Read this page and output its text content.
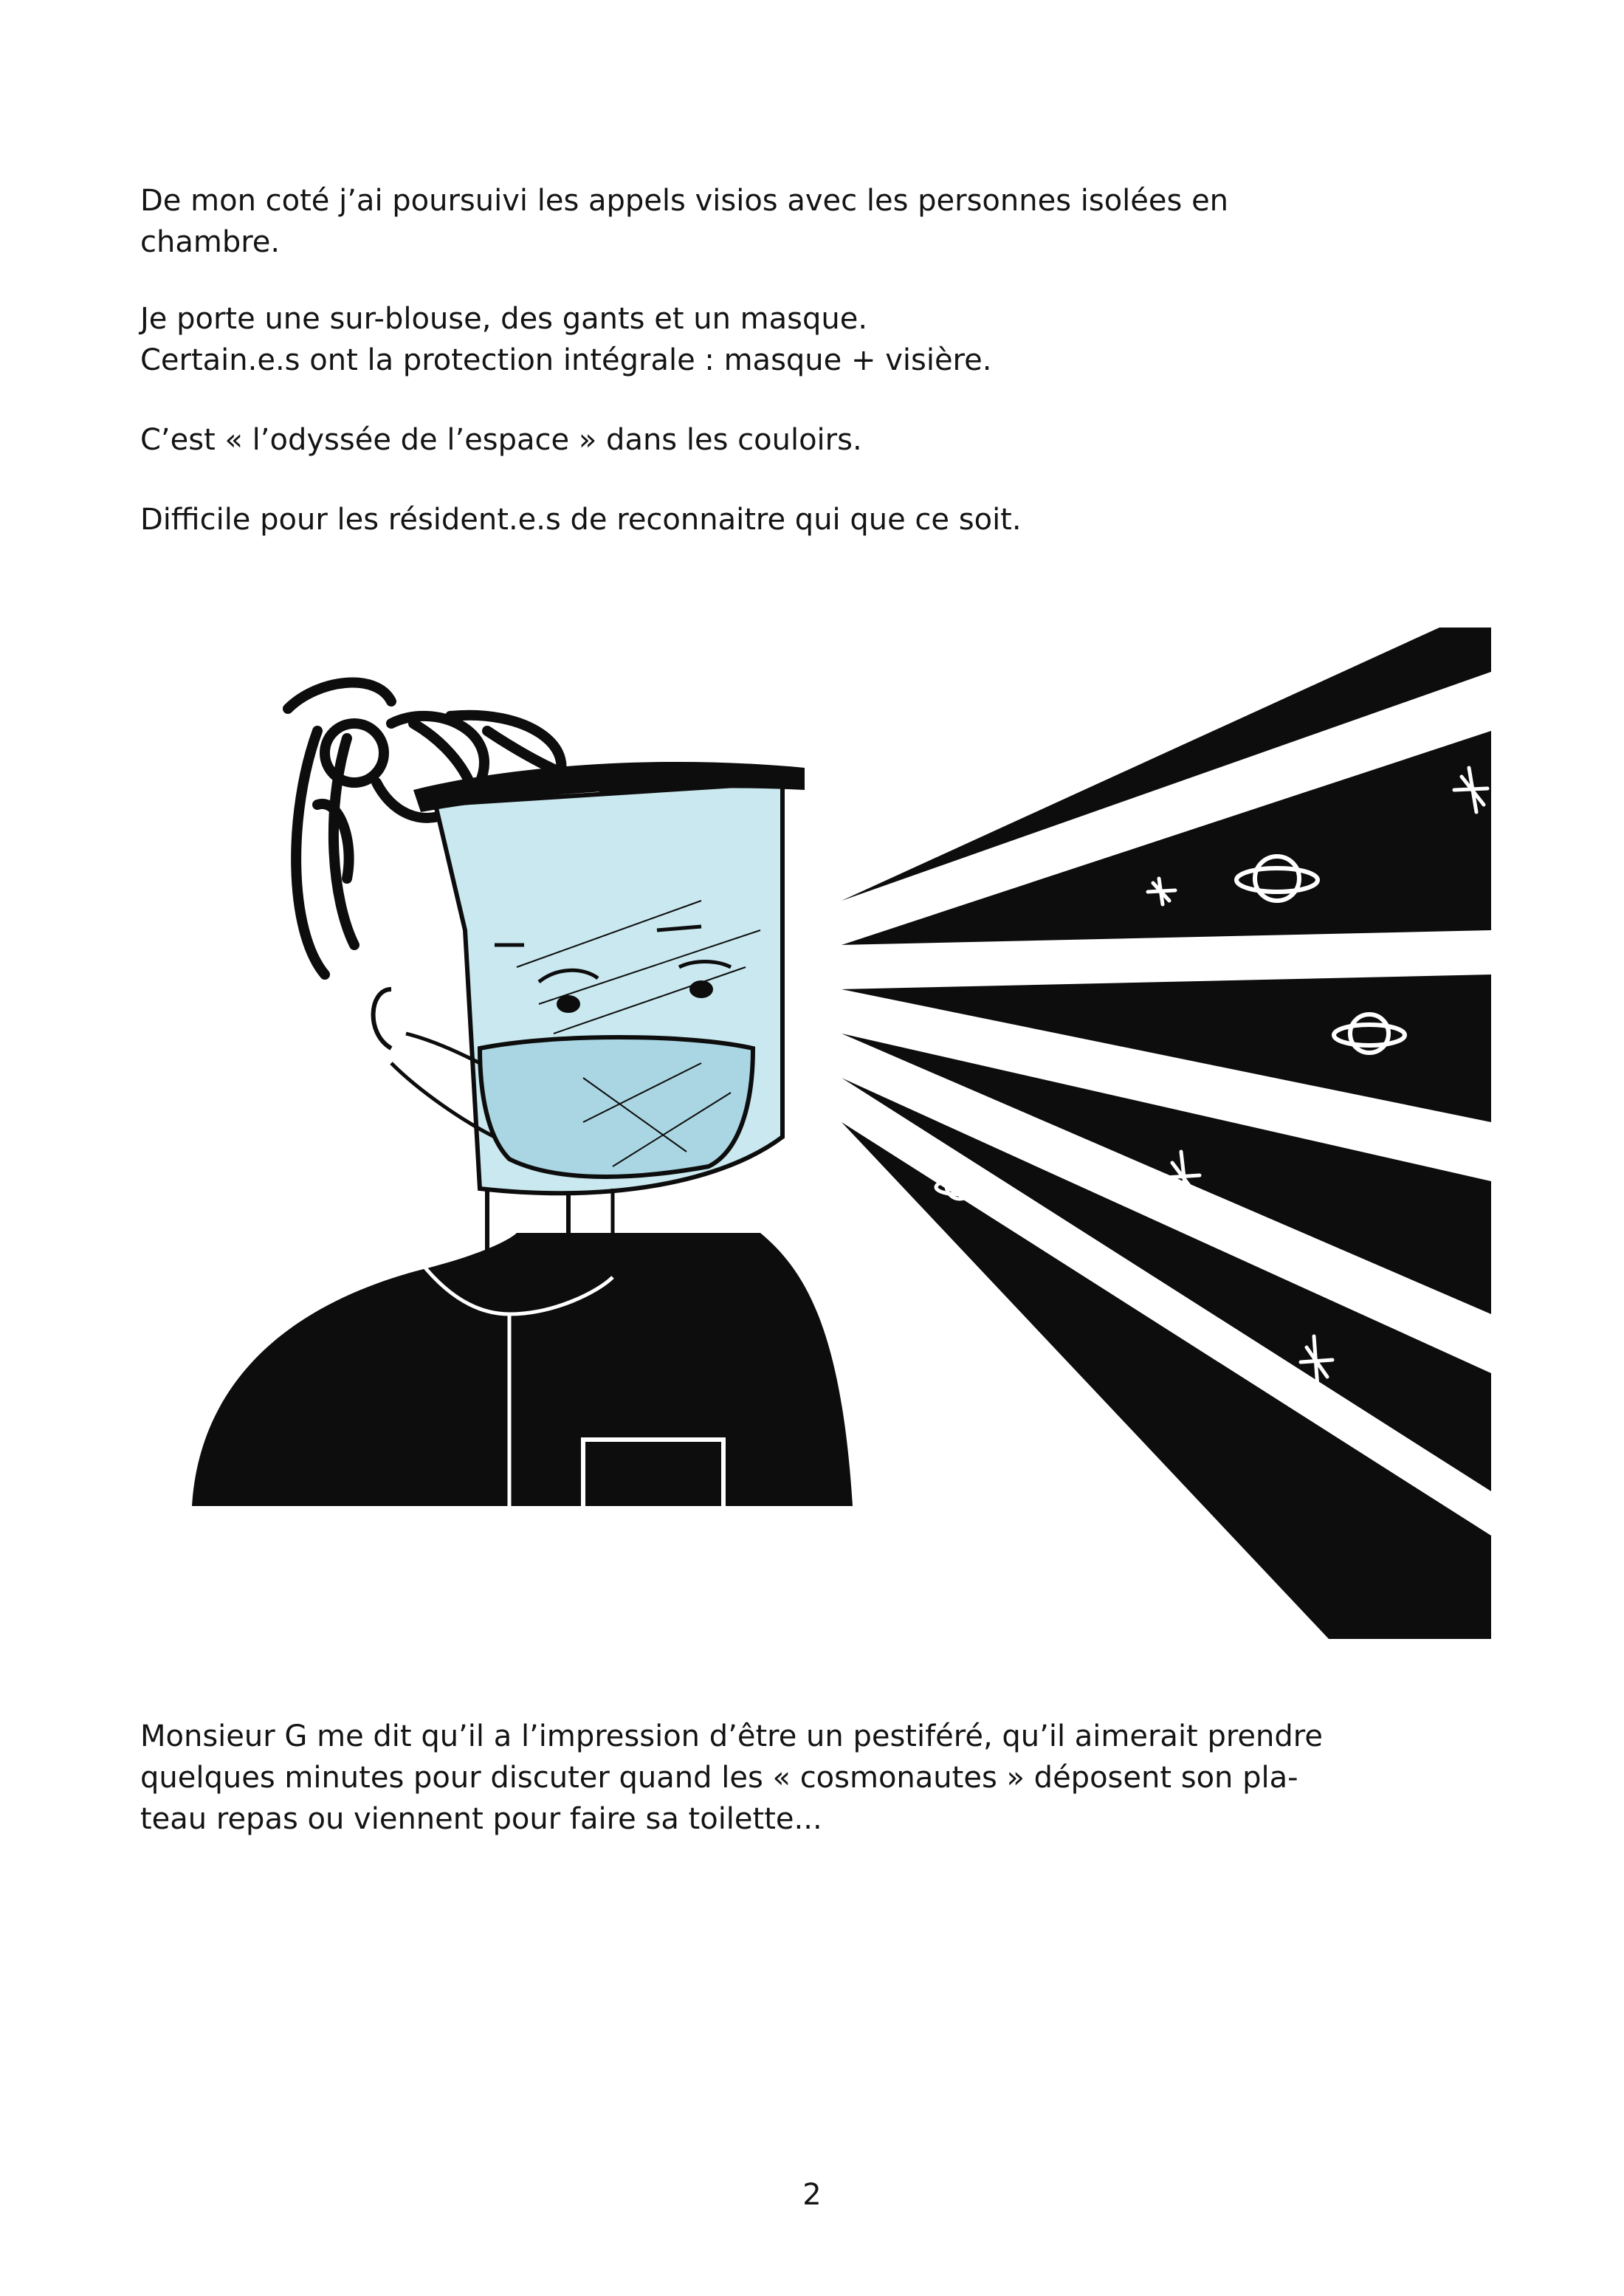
De mon coté j’ai poursuivi les appels visios avec les personnes isolées en
chambre.
Je porte une sur-blouse, des gants et un masque.
Certain.e.s ont la protection intégrale : masque + visière.
C’est « l’odyssée de l’espace » dans les couloirs.
Difficile pour les résident.e.s de reconnaitre qui que ce soit.
Monsieur G me dit qu’il a l’impression d’être un pestiféré, qu’il aimerait prendre
quelques minutes pour discuter quand les « cosmonautes » déposent son pla-
teau repas ou viennent pour faire sa toilette...
2
